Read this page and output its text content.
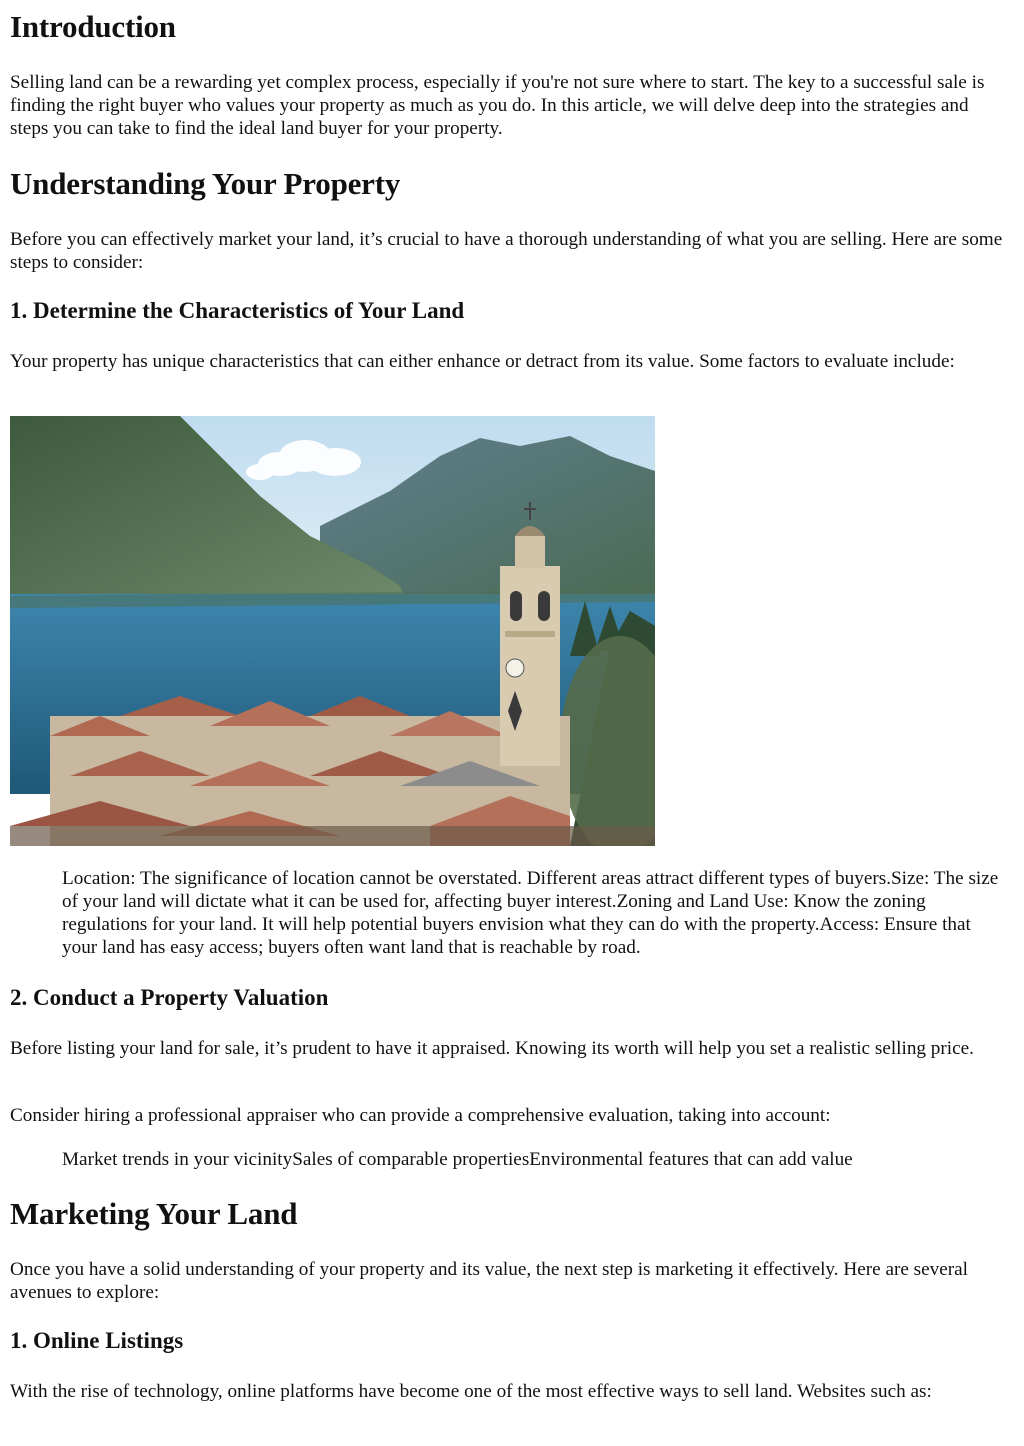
Introduction

Selling land can be a rewarding yet complex process, especially if you're not sure where to start. The key to a successful sale is finding the right buyer who values your property as much as you do. In this article, we will delve deep into the strategies and steps you can take to find the ideal land buyer for your property.

Understanding Your Property

Before you can effectively market your land, it’s crucial to have a thorough understanding of what you are selling. Here are some steps to consider:

1. Determine the Characteristics of Your Land

Your property has unique characteristics that can either enhance or detract from its value. Some factors to evaluate include:

Location: The significance of location cannot be overstated. Different areas attract different types of buyers.Size: The size of your land will dictate what it can be used for, affecting buyer interest.Zoning and Land Use: Know the zoning regulations for your land. It will help potential buyers envision what they can do with the property.Access: Ensure that your land has easy access; buyers often want land that is reachable by road.
2. Conduct a Property Valuation

Before listing your land for sale, it’s prudent to have it appraised. Knowing its worth will help you set a realistic selling price.

Consider hiring a professional appraiser who can provide a comprehensive evaluation, taking into account:

Market trends in your vicinitySales of comparable propertiesEnvironmental features that can add value
Marketing Your Land

Once you have a solid understanding of your property and its value, the next step is marketing it effectively. Here are several avenues to explore:

1. Online Listings

With the rise of technology, online platforms have become one of the most effective ways to sell land. Websites such as:
